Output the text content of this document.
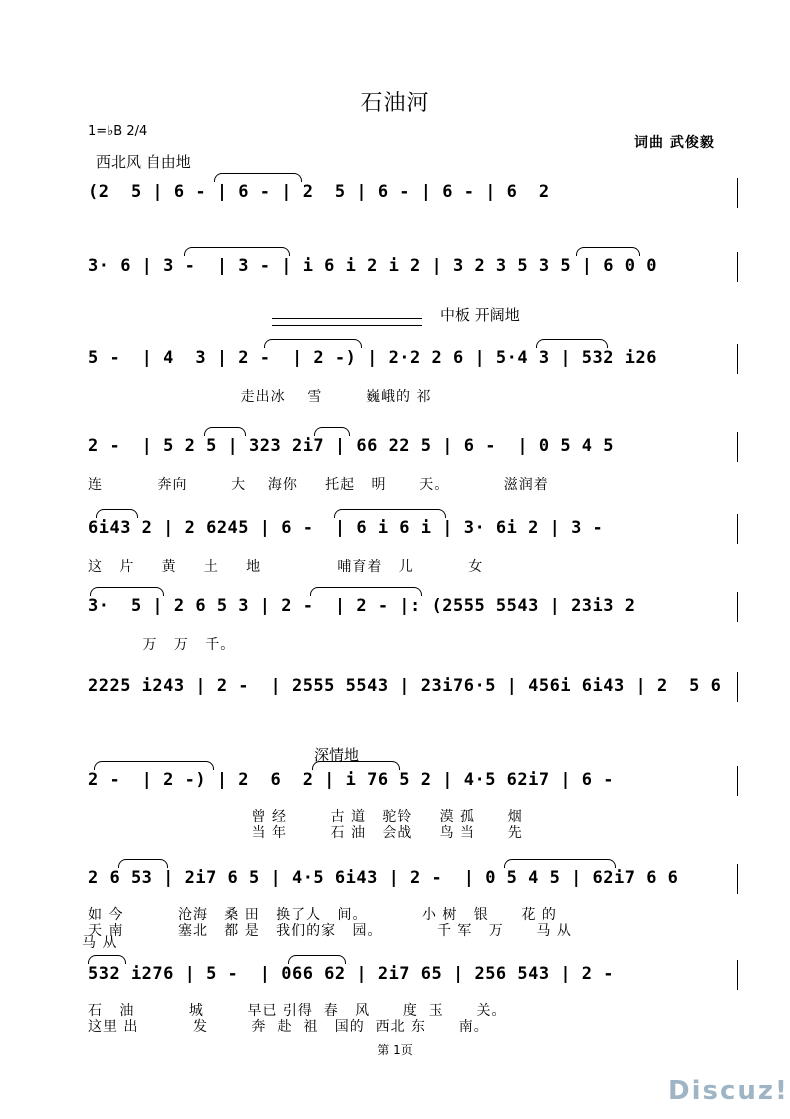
石油河
1=♭B 2/4
词曲 武俊毅
西北风 自由地
中板 开阔地
深情地
(2  5 | 6 - | 6 - | 2  5 | 6 - | 6 - | 6  2
3· 6 | 3 -  | 3 - | i 6 i 2 i 2 | 3 2 3 5 3 5 | 6 0 0
5 -  | 4  3 | 2 -  | 2 -) | 2·2 2 6 | 5·4 3 | 532 i26
走出冰    雪        巍峨的 祁
2 -  | 5 2 5 | 323 2i7 | 66 22 5 | 6 -  | 0 5 4 5
连          奔向        大    海你     托起   明      天。          滋润着
6i43 2 | 2 6245 | 6 -  | 6 i 6 i | 3· 6i 2 | 3 -
这   片     黄     土     地              哺育着   儿          女
3·  5 | 2 6 5 3 | 2 -  | 2 - |: (2555 5543 | 23i3 2
万   万   千。
2225 i243 | 2 -  | 2555 5543 | 23i76·5 | 456i 6i43 | 2  5 6
2 -  | 2 -) | 2  6  2 | i 76 5 2 | 4·5 62i7 | 6 -
曾 经        古 道   驼铃     漠 孤      烟
当 年        石 油   会战     鸟 当      先
2 6 53 | 2i7 6 5 | 4·5 6i43 | 2 -  | 0 5 4 5 | 62i7 6 6
如 今          沧海   桑 田   换了人   间。          小 树   银      花 的
天 南          塞北   都 是   我们的家   园。          千 军   万      马 从
马 从
532 i276 | 5 -  | 066 62 | 2i7 65 | 256 543 | 2 -
石   油          城        早已 引得  春   风      度  玉      关。
这里 出          发        奔  赴  祖   国的  西北 东      南。
第 1页
Discuz!
